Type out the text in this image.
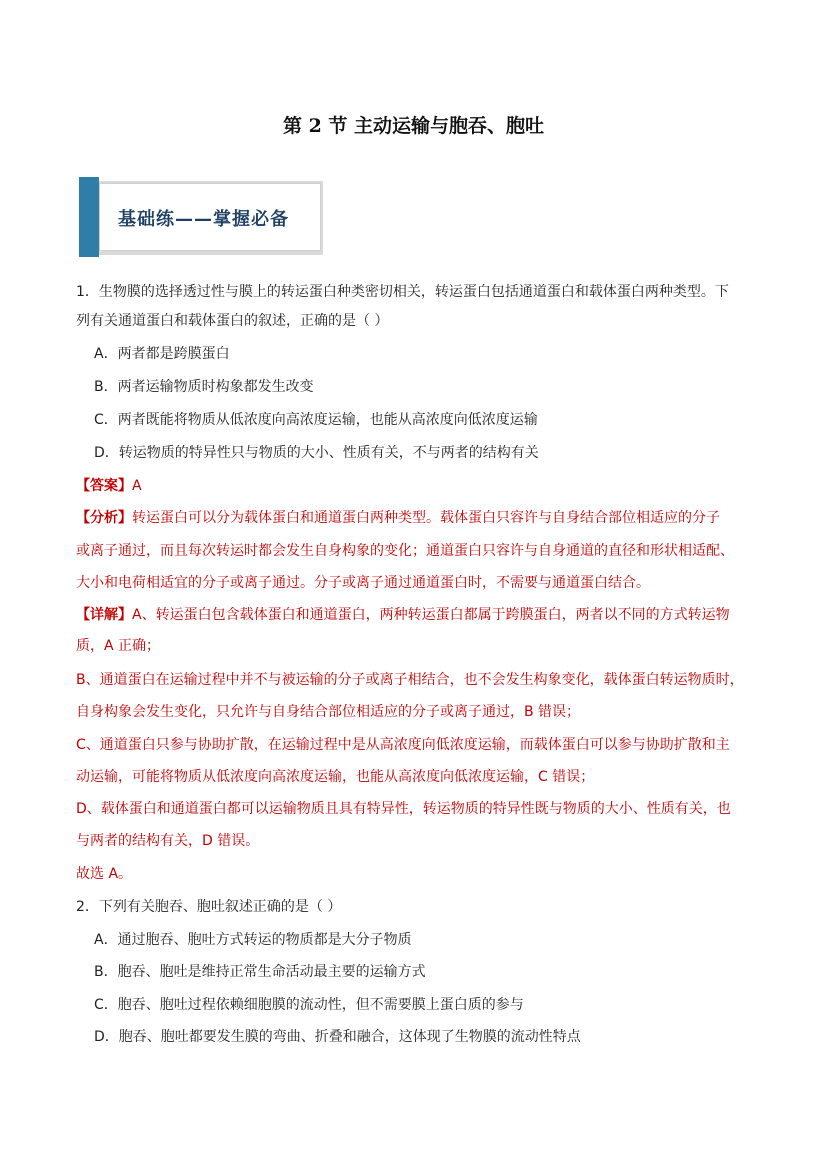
第 2 节 主动运输与胞吞、胞吐
基础练——掌握必备
1．生物膜的选择透过性与膜上的转运蛋白种类密切相关，转运蛋白包括通道蛋白和载体蛋白两种类型。下
列有关通道蛋白和载体蛋白的叙述，正确的是（ ）
A．两者都是跨膜蛋白
B．两者运输物质时构象都发生改变
C．两者既能将物质从低浓度向高浓度运输，也能从高浓度向低浓度运输
D．转运物质的特异性只与物质的大小、性质有关，不与两者的结构有关
【答案】A
【分析】转运蛋白可以分为载体蛋白和通道蛋白两种类型。载体蛋白只容许与自身结合部位相适应的分子
或离子通过，而且每次转运时都会发生自身构象的变化；通道蛋白只容许与自身通道的直径和形状相适配、
大小和电荷相适宜的分子或离子通过。分子或离子通过通道蛋白时，不需要与通道蛋白结合。
【详解】A、转运蛋白包含载体蛋白和通道蛋白，两种转运蛋白都属于跨膜蛋白，两者以不同的方式转运物
质，A 正确；
B、通道蛋白在运输过程中并不与被运输的分子或离子相结合，也不会发生构象变化，载体蛋白转运物质时，
自身构象会发生变化，只允许与自身结合部位相适应的分子或离子通过，B 错误；
C、通道蛋白只参与协助扩散，在运输过程中是从高浓度向低浓度运输，而载体蛋白可以参与协助扩散和主
动运输，可能将物质从低浓度向高浓度运输，也能从高浓度向低浓度运输，C 错误；
D、载体蛋白和通道蛋白都可以运输物质且具有特异性，转运物质的特异性既与物质的大小、性质有关，也
与两者的结构有关，D 错误。
故选 A。
2．下列有关胞吞、胞吐叙述正确的是（ ）
A．通过胞吞、胞吐方式转运的物质都是大分子物质
B．胞吞、胞吐是维持正常生命活动最主要的运输方式
C．胞吞、胞吐过程依赖细胞膜的流动性，但不需要膜上蛋白质的参与
D．胞吞、胞吐都要发生膜的弯曲、折叠和融合，这体现了生物膜的流动性特点
